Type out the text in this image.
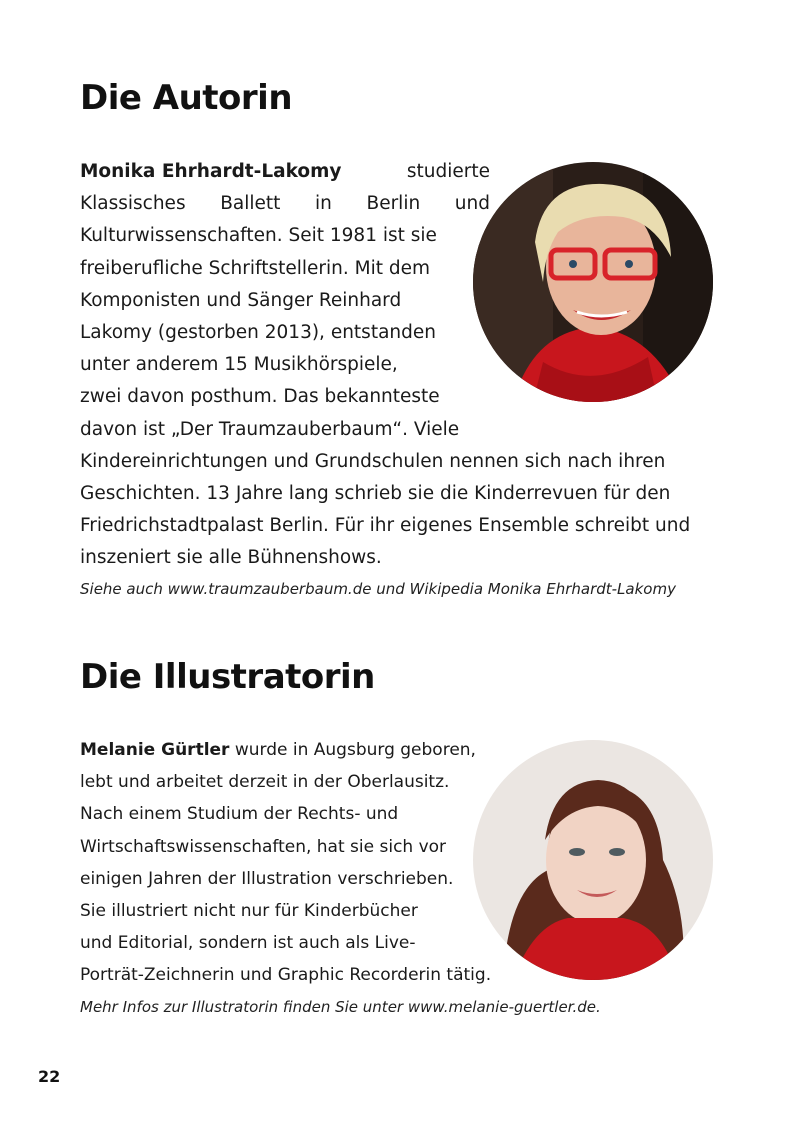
Die Autorin
Monika Ehrhardt-Lakomy	studierte
Klassisches Ballett in Berlin und
Kulturwissenschaften. Seit 1981 ist sie
freiberufliche Schriftstellerin. Mit dem
Komponisten und Sänger Reinhard
Lakomy (gestorben 2013), entstanden
unter anderem 15 Musikhörspiele,
zwei davon posthum. Das bekannteste
davon ist „Der Traumzauberbaum“. Viele
Kindereinrichtungen und Grundschulen nennen sich nach ihren
Geschichten. 13 Jahre lang schrieb sie die Kinderrevuen für den
Friedrichstadtpalast Berlin. Für ihr eigenes Ensemble schreibt und
inszeniert sie alle Bühnenshows.
Siehe auch www.traumzauberbaum.de und Wikipedia Monika Ehrhardt-Lakomy
Die Illustratorin
Melanie Gürtler wurde in Augsburg geboren,
lebt und arbeitet derzeit in der Oberlausitz.
Nach einem Studium der Rechts- und
Wirtschaftswissenschaften, hat sie sich vor
einigen Jahren der Illustration verschrieben.
Sie illustriert nicht nur für Kinderbücher
und Editorial, sondern ist auch als Live-
Porträt-Zeichnerin und Graphic Recorderin tätig.
Mehr Infos zur Illustratorin finden Sie unter www.melanie-guertler.de.
22
